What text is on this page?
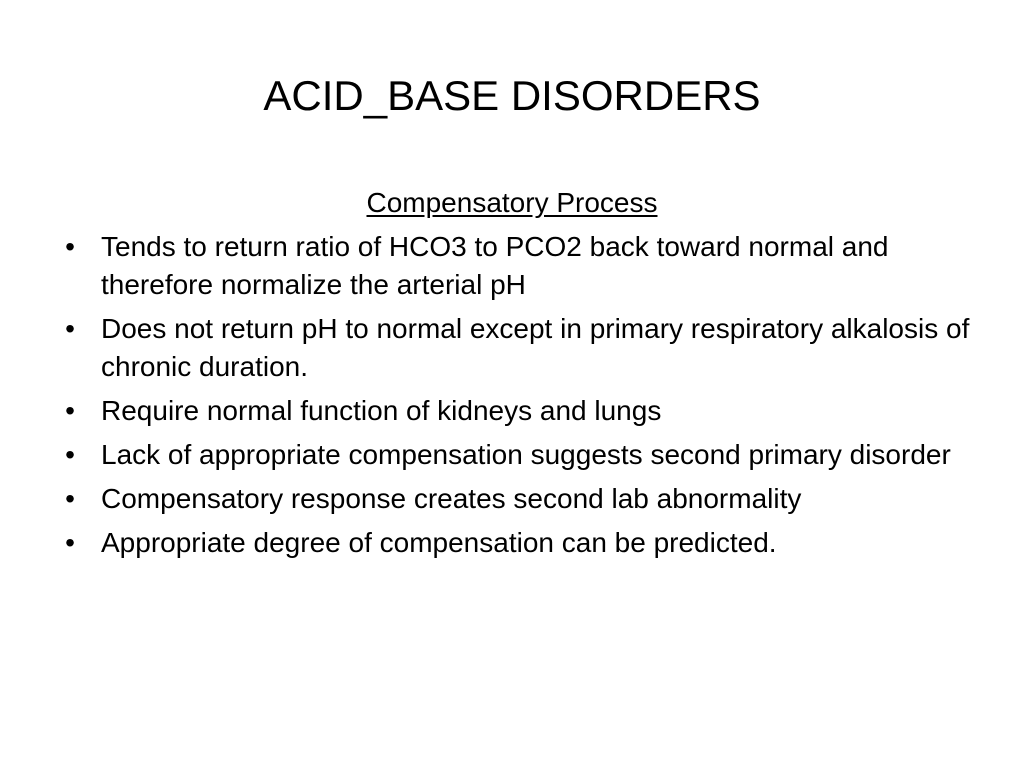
ACID_BASE DISORDERS
Compensatory Process
• Tends to return ratio of HCO3 to PCO2 back toward normal and therefore normalize the arterial pH
• Does not return pH to normal except in primary respiratory alkalosis of chronic duration.
• Require normal function of kidneys and lungs
• Lack of appropriate compensation suggests second primary disorder
• Compensatory response creates second lab abnormality
• Appropriate degree of compensation can be predicted.
